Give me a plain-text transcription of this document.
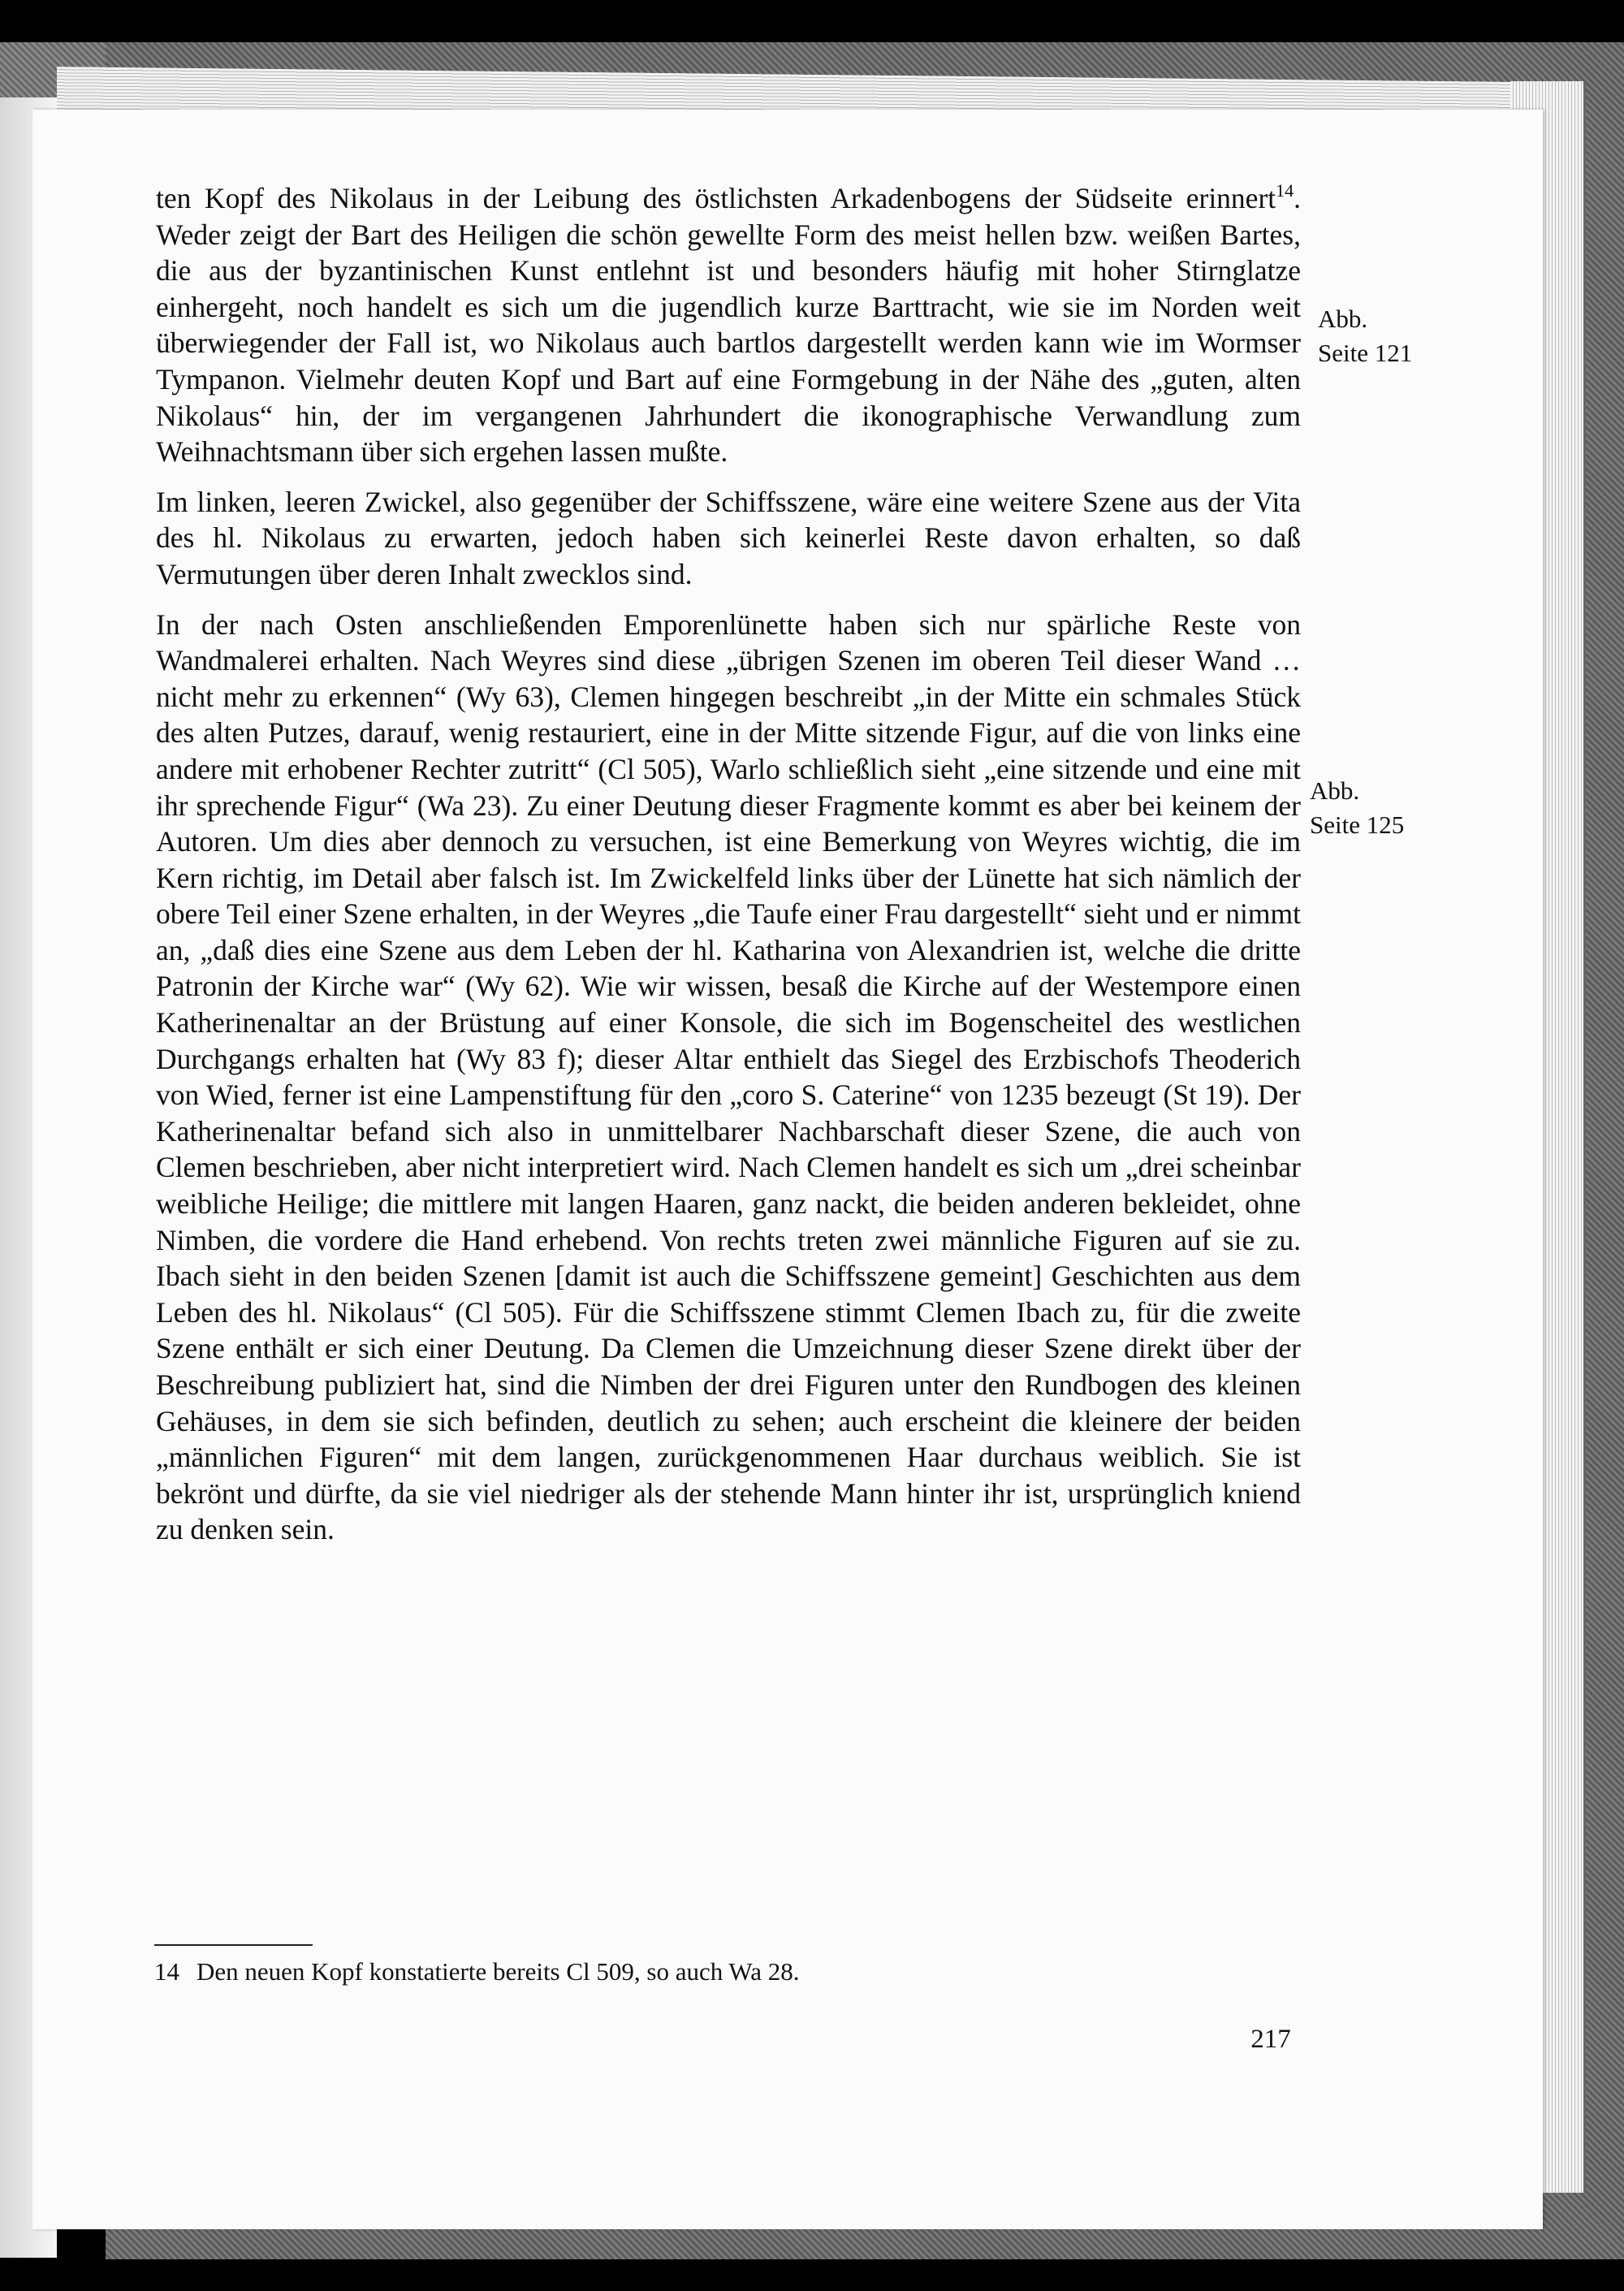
ten Kopf des Nikolaus in der Leibung des östlichsten Arkadenbogens der Südseite erinnert$^{14}$. Weder zeigt der Bart des Heiligen die schön gewellte Form des meist hellen bzw. weißen Bartes, die aus der byzantinischen Kunst entlehnt ist und besonders häufig mit hoher Stirnglatze einhergeht, noch handelt es sich um die jugendlich kurze Barttracht, wie sie im Norden weit überwiegender der Fall ist, wo Nikolaus auch bartlos dargestellt werden kann wie im Wormser Tympanon. Vielmehr deuten Kopf und Bart auf eine Formgebung in der Nähe des „guten, alten Nikolaus“ hin, der im vergangenen Jahrhundert die ikonographische Verwandlung zum Weihnachtsmann über sich ergehen lassen mußte.

Im linken, leeren Zwickel, also gegenüber der Schiffsszene, wäre eine weitere Szene aus der Vita des hl. Nikolaus zu erwarten, jedoch haben sich keinerlei Reste davon erhalten, so daß Vermutungen über deren Inhalt zwecklos sind.

In der nach Osten anschließenden Emporenlünette haben sich nur spärliche Reste von Wandmalerei erhalten. Nach Weyres sind diese „übrigen Szenen im oberen Teil dieser Wand … nicht mehr zu erkennen“ (Wy 63), Clemen hingegen beschreibt „in der Mitte ein schmales Stück des alten Putzes, darauf, wenig restauriert, eine in der Mitte sitzende Figur, auf die von links eine andere mit erhobener Rechter zutritt“ (Cl 505), Warlo schließlich sieht „eine sitzende und eine mit ihr sprechende Figur“ (Wa 23). Zu einer Deutung dieser Fragmente kommt es aber bei keinem der Autoren. Um dies aber dennoch zu versuchen, ist eine Bemerkung von Weyres wichtig, die im Kern richtig, im Detail aber falsch ist. Im Zwickelfeld links über der Lünette hat sich nämlich der obere Teil einer Szene erhalten, in der Weyres „die Taufe einer Frau dargestellt“ sieht und er nimmt an, „daß dies eine Szene aus dem Leben der hl. Katharina von Alexandrien ist, welche die dritte Patronin der Kirche war“ (Wy 62). Wie wir wissen, besaß die Kirche auf der Westempore einen Katherinenaltar an der Brüstung auf einer Konsole, die sich im Bogenscheitel des westlichen Durchgangs erhalten hat (Wy 83 f); dieser Altar enthielt das Siegel des Erzbischofs Theoderich von Wied, ferner ist eine Lampenstiftung für den „coro S. Caterine“ von 1235 bezeugt (St 19). Der Katherinenaltar befand sich also in unmittelbarer Nachbarschaft dieser Szene, die auch von Clemen beschrieben, aber nicht interpretiert wird. Nach Clemen handelt es sich um „drei scheinbar weibliche Heilige; die mittlere mit langen Haaren, ganz nackt, die beiden anderen bekleidet, ohne Nimben, die vordere die Hand erhebend. Von rechts treten zwei männliche Figuren auf sie zu. Ibach sieht in den beiden Szenen [damit ist auch die Schiffsszene gemeint] Geschichten aus dem Leben des hl. Nikolaus“ (Cl 505). Für die Schiffsszene stimmt Clemen Ibach zu, für die zweite Szene enthält er sich einer Deutung. Da Clemen die Umzeichnung dieser Szene direkt über der Beschreibung publiziert hat, sind die Nimben der drei Figuren unter den Rundbogen des kleinen Gehäuses, in dem sie sich befinden, deutlich zu sehen; auch erscheint die kleinere der beiden „männlichen Figuren“ mit dem langen, zurückgenommenen Haar durchaus weiblich. Sie ist bekrönt und dürfte, da sie viel niedriger als der stehende Mann hinter ihr ist, ursprünglich kniend zu denken sein.

Abb.
Seite 121
Abb.
Seite 125
14 Den neuen Kopf konstatierte bereits Cl 509, so auch Wa 28.
217
